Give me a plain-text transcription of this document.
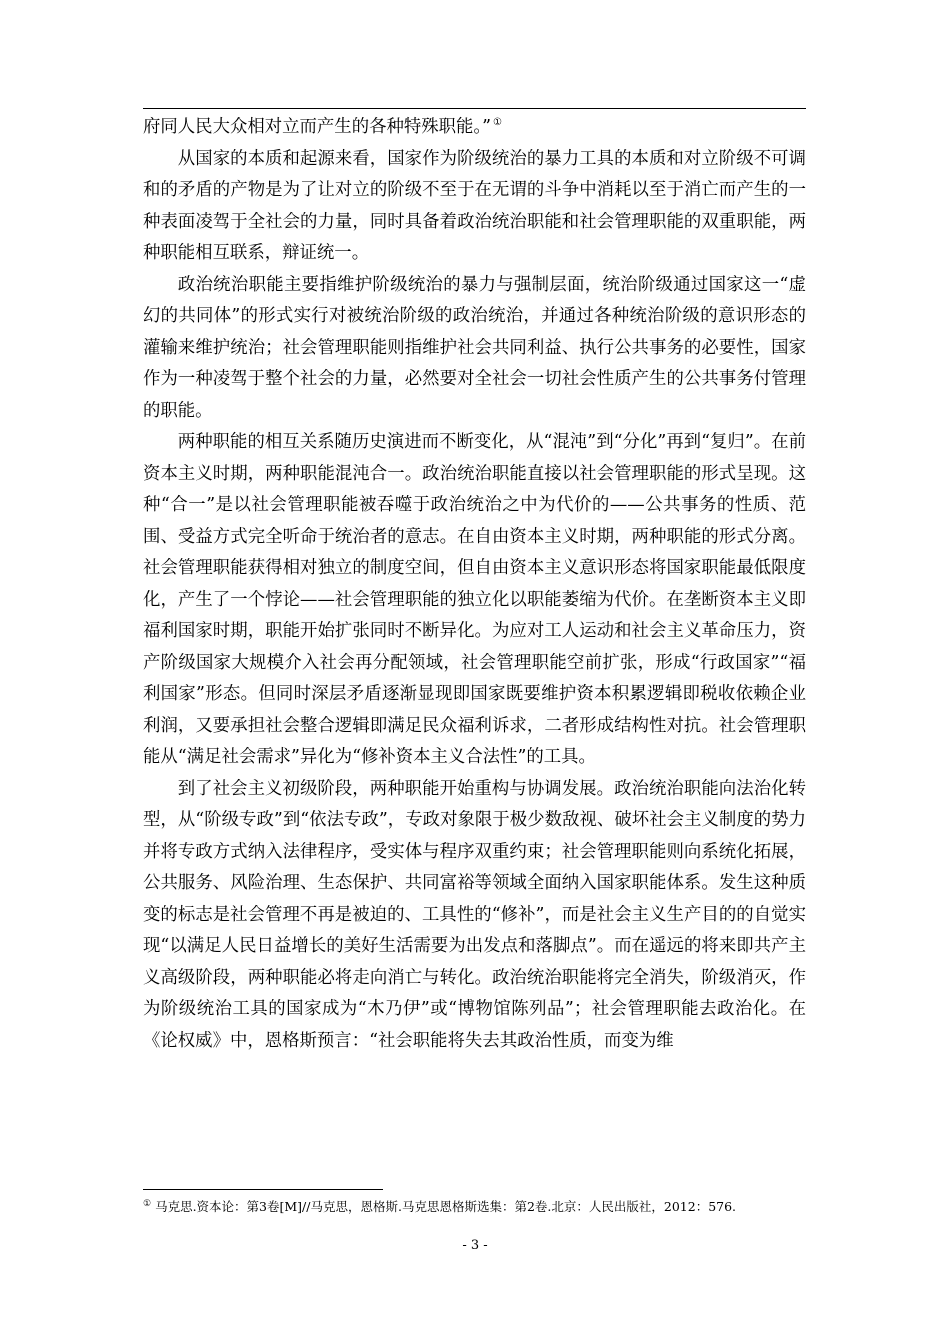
府同人民大众相对立而产生的各种特殊职能。” ①

从国家的本质和起源来看，国家作为阶级统治的暴力工具的本质和对立阶级不可调和的矛盾的产物是为了让对立的阶级不至于在无谓的斗争中消耗以至于消亡而产生的一种表面凌驾于全社会的力量，同时具备着政治统治职能和社会管理职能的双重职能，两种职能相互联系，辩证统一。

政治统治职能主要指维护阶级统治的暴力与强制层面，统治阶级通过国家这一“虚幻的共同体”的形式实行对被统治阶级的政治统治，并通过各种统治阶级的意识形态的灌输来维护统治；社会管理职能则指维护社会共同利益、执行公共事务的必要性，国家作为一种凌驾于整个社会的力量，必然要对全社会一切社会性质产生的公共事务付管理的职能。

两种职能的相互关系随历史演进而不断变化，从“混沌”到“分化”再到“复归”。在前资本主义时期，两种职能混沌合一。政治统治职能直接以社会管理职能的形式呈现。这种“合一”是以社会管理职能被吞噬于政治统治之中为代价的——公共事务的性质、范围、受益方式完全听命于统治者的意志。在自由资本主义时期，两种职能的形式分离。社会管理职能获得相对独立的制度空间，但自由资本主义意识形态将国家职能最低限度化，产生了一个悖论——社会管理职能的独立化以职能萎缩为代价。在垄断资本主义即福利国家时期，职能开始扩张同时不断异化。为应对工人运动和社会主义革命压力，资产阶级国家大规模介入社会再分配领域，社会管理职能空前扩张，形成“行政国家”“福利国家”形态。但同时深层矛盾逐渐显现即国家既要维护资本积累逻辑即税收依赖企业利润，又要承担社会整合逻辑即满足民众福利诉求，二者形成结构性对抗。社会管理职能从“满足社会需求”异化为“修补资本主义合法性”的工具。

到了社会主义初级阶段，两种职能开始重构与协调发展。政治统治职能向法治化转型，从“阶级专政”到“依法专政”，专政对象限于极少数敌视、破坏社会主义制度的势力并将专政方式纳入法律程序，受实体与程序双重约束；社会管理职能则向系统化拓展，公共服务、风险治理、生态保护、共同富裕等领域全面纳入国家职能体系。发生这种质变的标志是社会管理不再是被迫的、工具性的“修补”，而是社会主义生产目的的自觉实现“以满足人民日益增长的美好生活需要为出发点和落脚点”。而在遥远的将来即共产主义高级阶段，两种职能必将走向消亡与转化。政治统治职能将完全消失，阶级消灭，作为阶级统治工具的国家成为“木乃伊”或“博物馆陈列品”；社会管理职能去政治化。在《论权威》中，恩格斯预言：“社会职能将失去其政治性质，而变为维

① 马克思.资本论：第3卷[M]//马克思，恩格斯.马克思恩格斯选集：第2卷.北京：人民出版社，2012：576.
- 3 -
